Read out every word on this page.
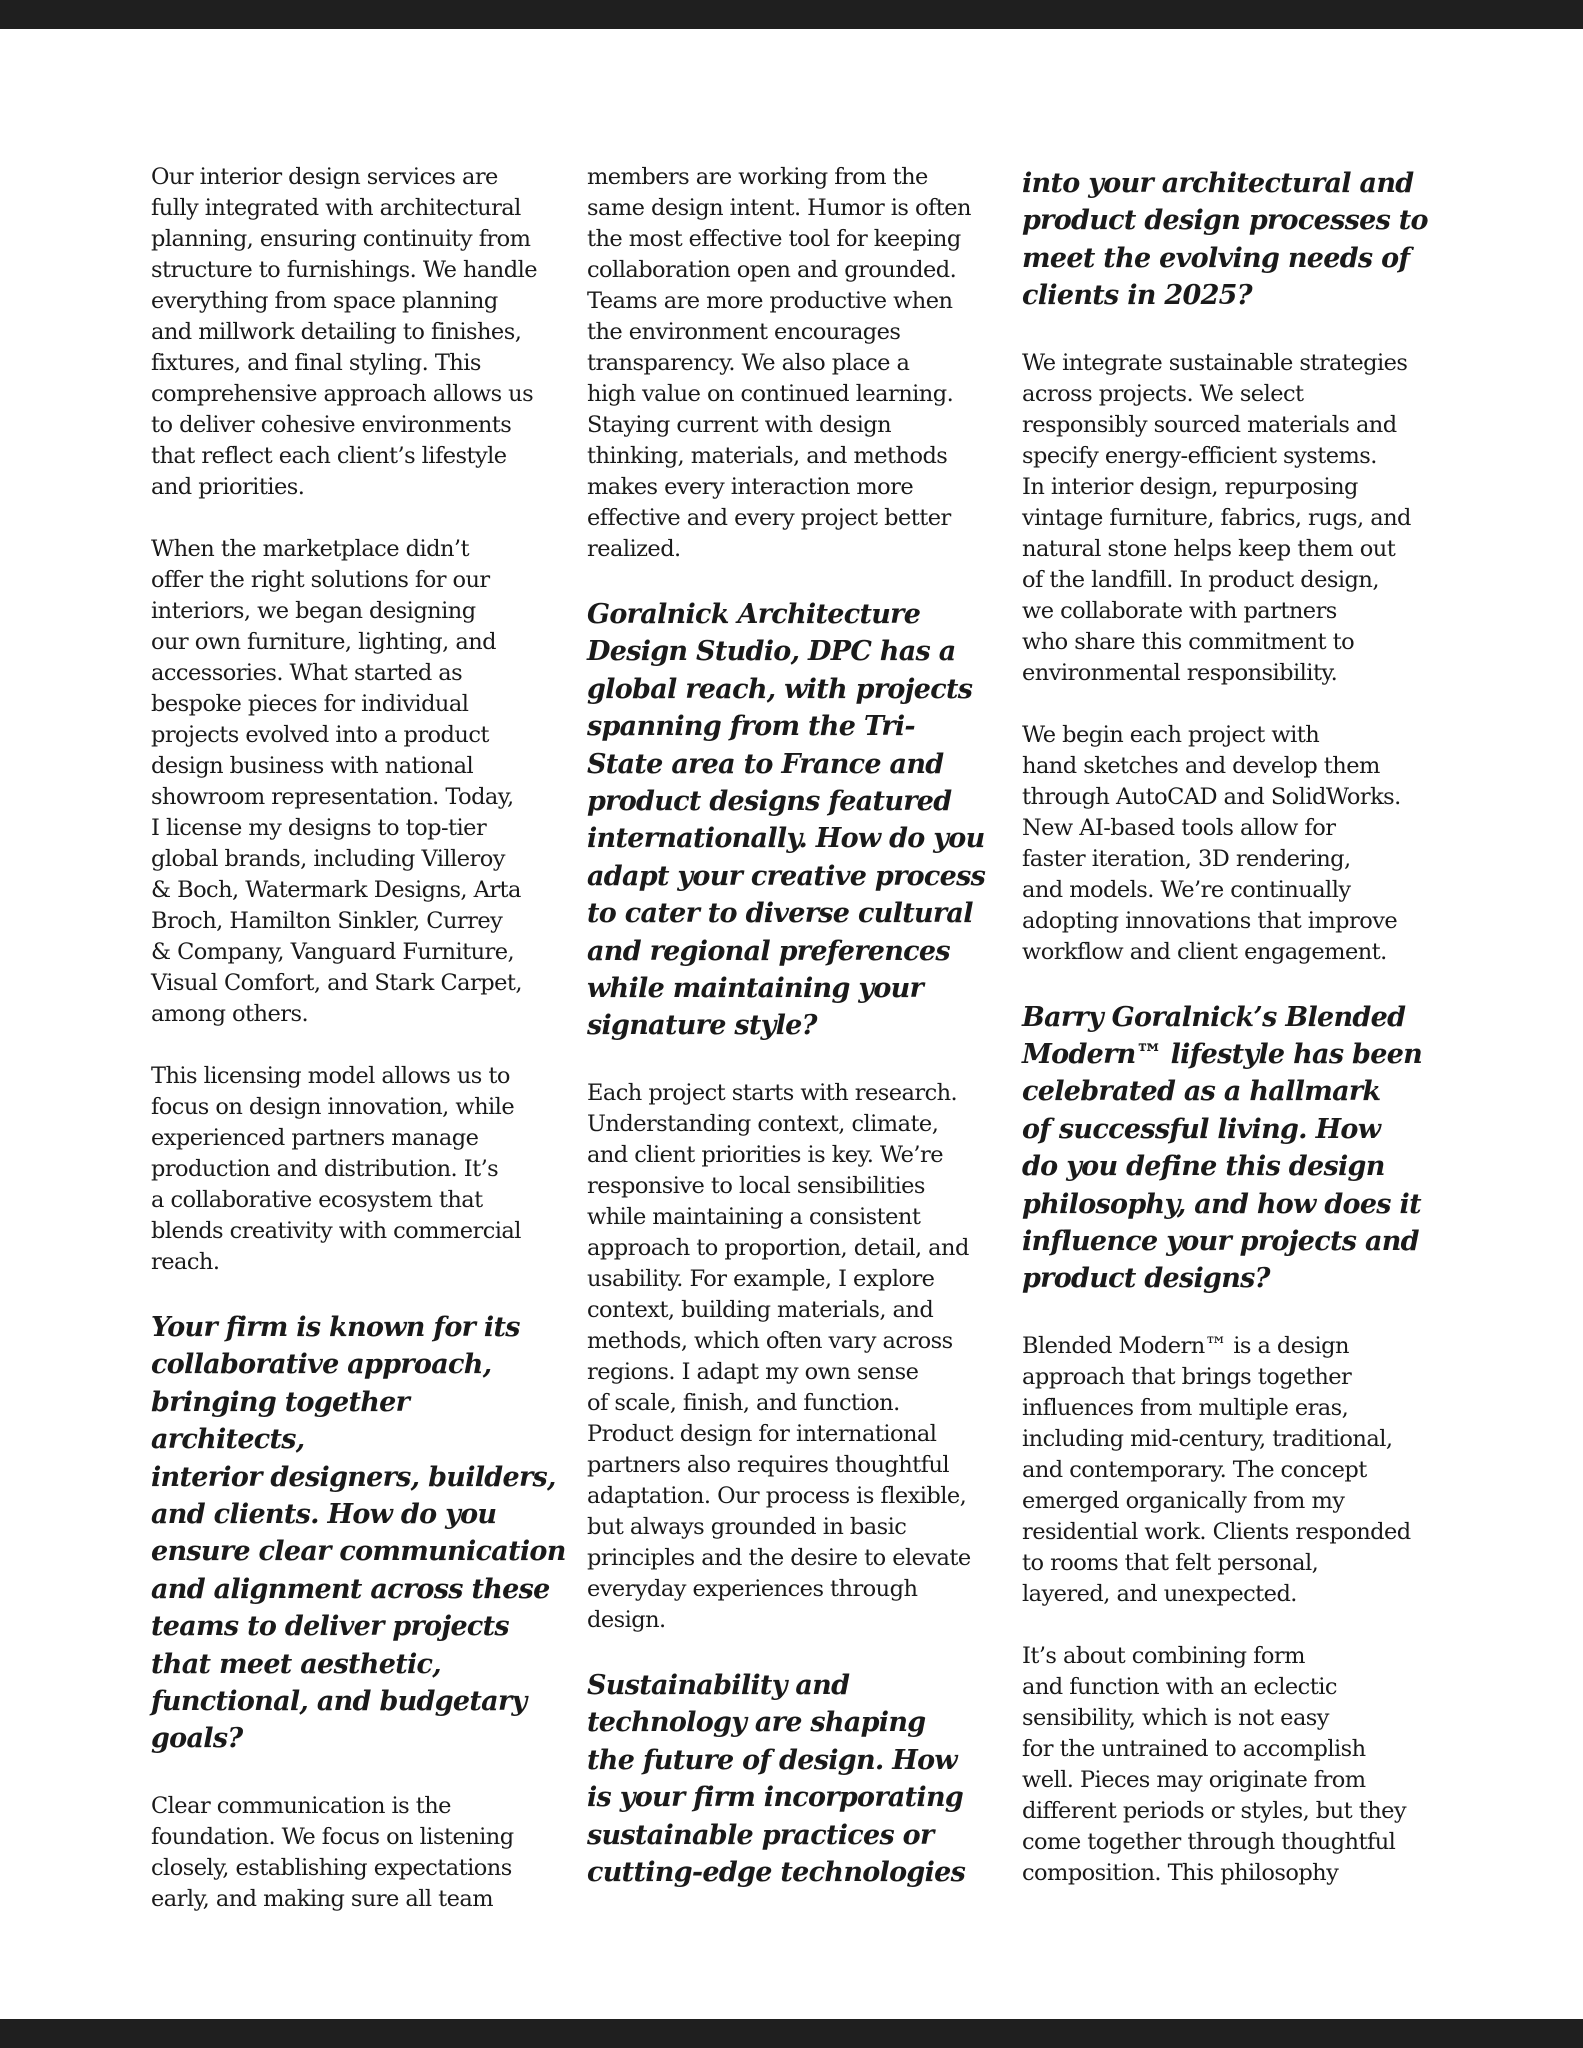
Our interior design services are
fully integrated with architectural
planning, ensuring continuity from
structure to furnishings. We handle
everything from space planning
and millwork detailing to finishes,
fixtures, and final styling. This
comprehensive approach allows us
to deliver cohesive environments
that reflect each client’s lifestyle
and priorities.

When the marketplace didn’t
offer the right solutions for our
interiors, we began designing
our own furniture, lighting, and
accessories. What started as
bespoke pieces for individual
projects evolved into a product
design business with national
showroom representation. Today,
I license my designs to top-tier
global brands, including Villeroy
& Boch, Watermark Designs, Arta
Broch, Hamilton Sinkler, Currey
& Company, Vanguard Furniture,
Visual Comfort, and Stark Carpet,
among others.

This licensing model allows us to
focus on design innovation, while
experienced partners manage
production and distribution. It’s
a collaborative ecosystem that
blends creativity with commercial
reach.

Your firm is known for its
collaborative approach,
bringing together architects,
interior designers, builders,
and clients. How do you
ensure clear communication
and alignment across these
teams to deliver projects
that meet aesthetic,
functional, and budgetary
goals?

Clear communication is the
foundation. We focus on listening
closely, establishing expectations
early, and making sure all team

members are working from the
same design intent. Humor is often
the most effective tool for keeping
collaboration open and grounded.
Teams are more productive when
the environment encourages
transparency. We also place a
high value on continued learning.
Staying current with design
thinking, materials, and methods
makes every interaction more
effective and every project better
realized.

Goralnick Architecture
Design Studio, DPC has a
global reach, with projects
spanning from the Tri-
State area to France and
product designs featured
internationally. How do you
adapt your creative process
to cater to diverse cultural
and regional preferences
while maintaining your
signature style?

Each project starts with research.
Understanding context, climate,
and client priorities is key. We’re
responsive to local sensibilities
while maintaining a consistent
approach to proportion, detail, and
usability. For example, I explore
context, building materials, and
methods, which often vary across
regions. I adapt my own sense
of scale, finish, and function.
Product design for international
partners also requires thoughtful
adaptation. Our process is flexible,
but always grounded in basic
principles and the desire to elevate
everyday experiences through
design.

Sustainability and
technology are shaping
the future of design. How
is your firm incorporating
sustainable practices or
cutting-edge technologies
into your architectural and
product design processes to
meet the evolving needs of
clients in 2025?

We integrate sustainable strategies
across projects. We select
responsibly sourced materials and
specify energy-efficient systems.
In interior design, repurposing
vintage furniture, fabrics, rugs, and
natural stone helps keep them out
of the landfill. In product design,
we collaborate with partners
who share this commitment to
environmental responsibility.

We begin each project with
hand sketches and develop them
through AutoCAD and SolidWorks.
New AI-based tools allow for
faster iteration, 3D rendering,
and models. We’re continually
adopting innovations that improve
workflow and client engagement.

Barry Goralnick’s Blended
Modern™ lifestyle has been
celebrated as a hallmark
of successful living. How
do you define this design
philosophy, and how does it
influence your projects and
product designs?

Blended Modern™ is a design
approach that brings together
influences from multiple eras,
including mid-century, traditional,
and contemporary. The concept
emerged organically from my
residential work. Clients responded
to rooms that felt personal,
layered, and unexpected.

It’s about combining form
and function with an eclectic
sensibility, which is not easy
for the untrained to accomplish
well. Pieces may originate from
different periods or styles, but they
come together through thoughtful
composition. This philosophy
